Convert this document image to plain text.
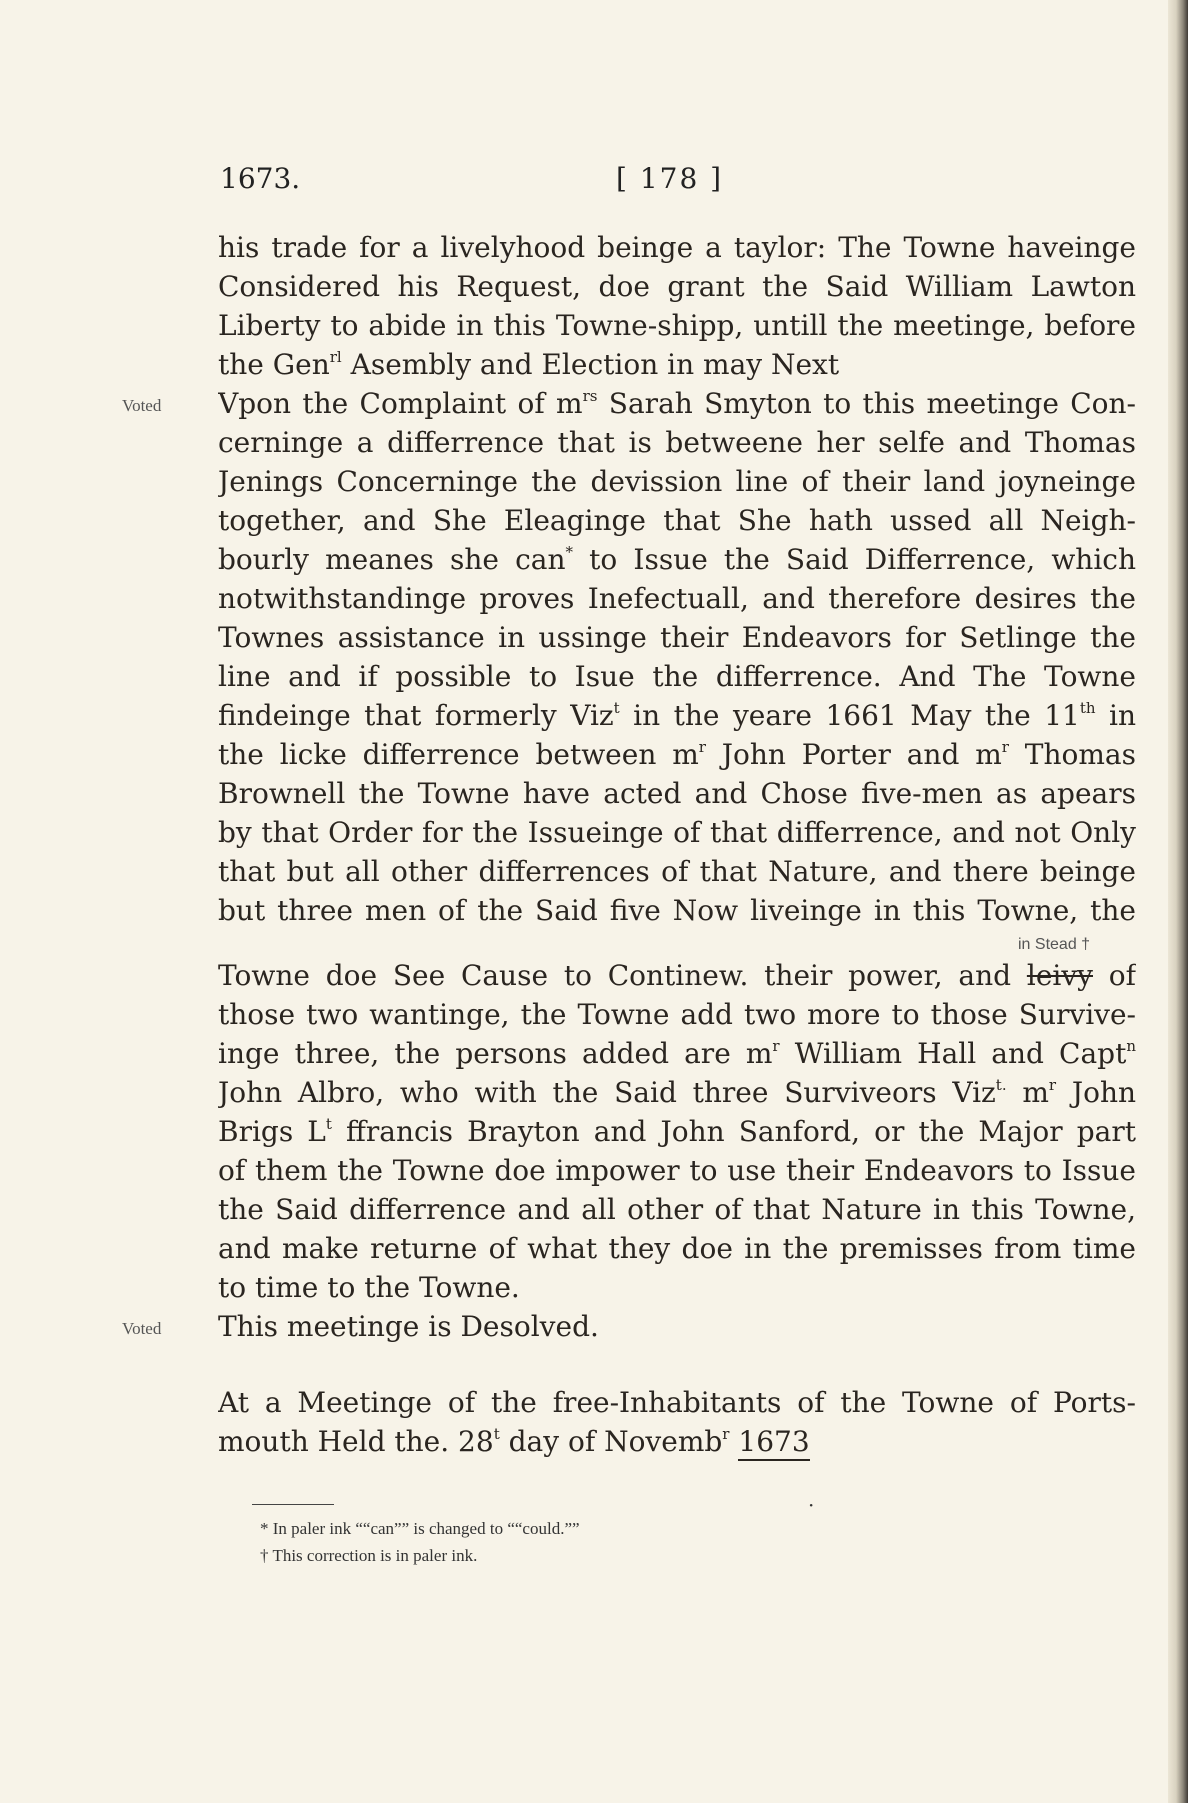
1673.	[ 178 ]
his trade for a livelyhood beinge a taylor: The Towne haveinge
Considered his Request, doe grant the Said William Lawton
Liberty to abide in this Towne-shipp, untill the meetinge, before
the Gen$^{rl}$ Asembly and Election in may Next
Voted	Vpon the Complaint of $m^{rs}$ Sarah Smyton to this meetinge Con-
cerninge a differrence that is betweene her selfe and Thomas
Jenings Concerninge the devission line of their land joyneinge
together, and She Eleaginge that She hath ussed all Neigh-
bourly meanes she can* to Issue the Said Differrence, which
notwithstandinge proves Inefectuall, and therefore desires the
Townes assistance in ussinge their Endeavors for Setlinge the
line and if possible to Isue the differrence. And The Towne
findeinge that formerly Viz$^t$ in the yeare 1661 May the 11th in
the licke differrence between $m^r$ John Porter and $m^r$ Thomas
Brownell the Towne have acted and Chose five-men as apears
by that Order for the Issueinge of that differrence, and not Only
that but all other differrences of that Nature, and there beinge
but three men of the Said five Now liveinge in this Towne, the
in Stead †
Towne doe See Cause to Continew. their power, and leivy of
those two wantinge, the Towne add two more to those Survive-
inge three, the persons added are $m^r$ William Hall and Capt$^n$
John Albro, who with the Said three Surviveors Viz$^{t.}$ $m^r$ John
Brigs $L^t$ ffrancis Brayton and John Sanford, or the Major part
of them the Towne doe impower to use their Endeavors to Issue
the Said differrence and all other of that Nature in this Towne,
and make returne of what they doe in the premisses from time
to time to the Towne.
Voted	This meetinge is Desolved.
At a Meetinge of the free-Inhabitants of the Towne of Ports-
mouth Held the. 28$^t$ day of Novemb$^r$ 1673
·
* In paler ink ““can”” is changed to ““could.””
† This correction is in paler ink.
